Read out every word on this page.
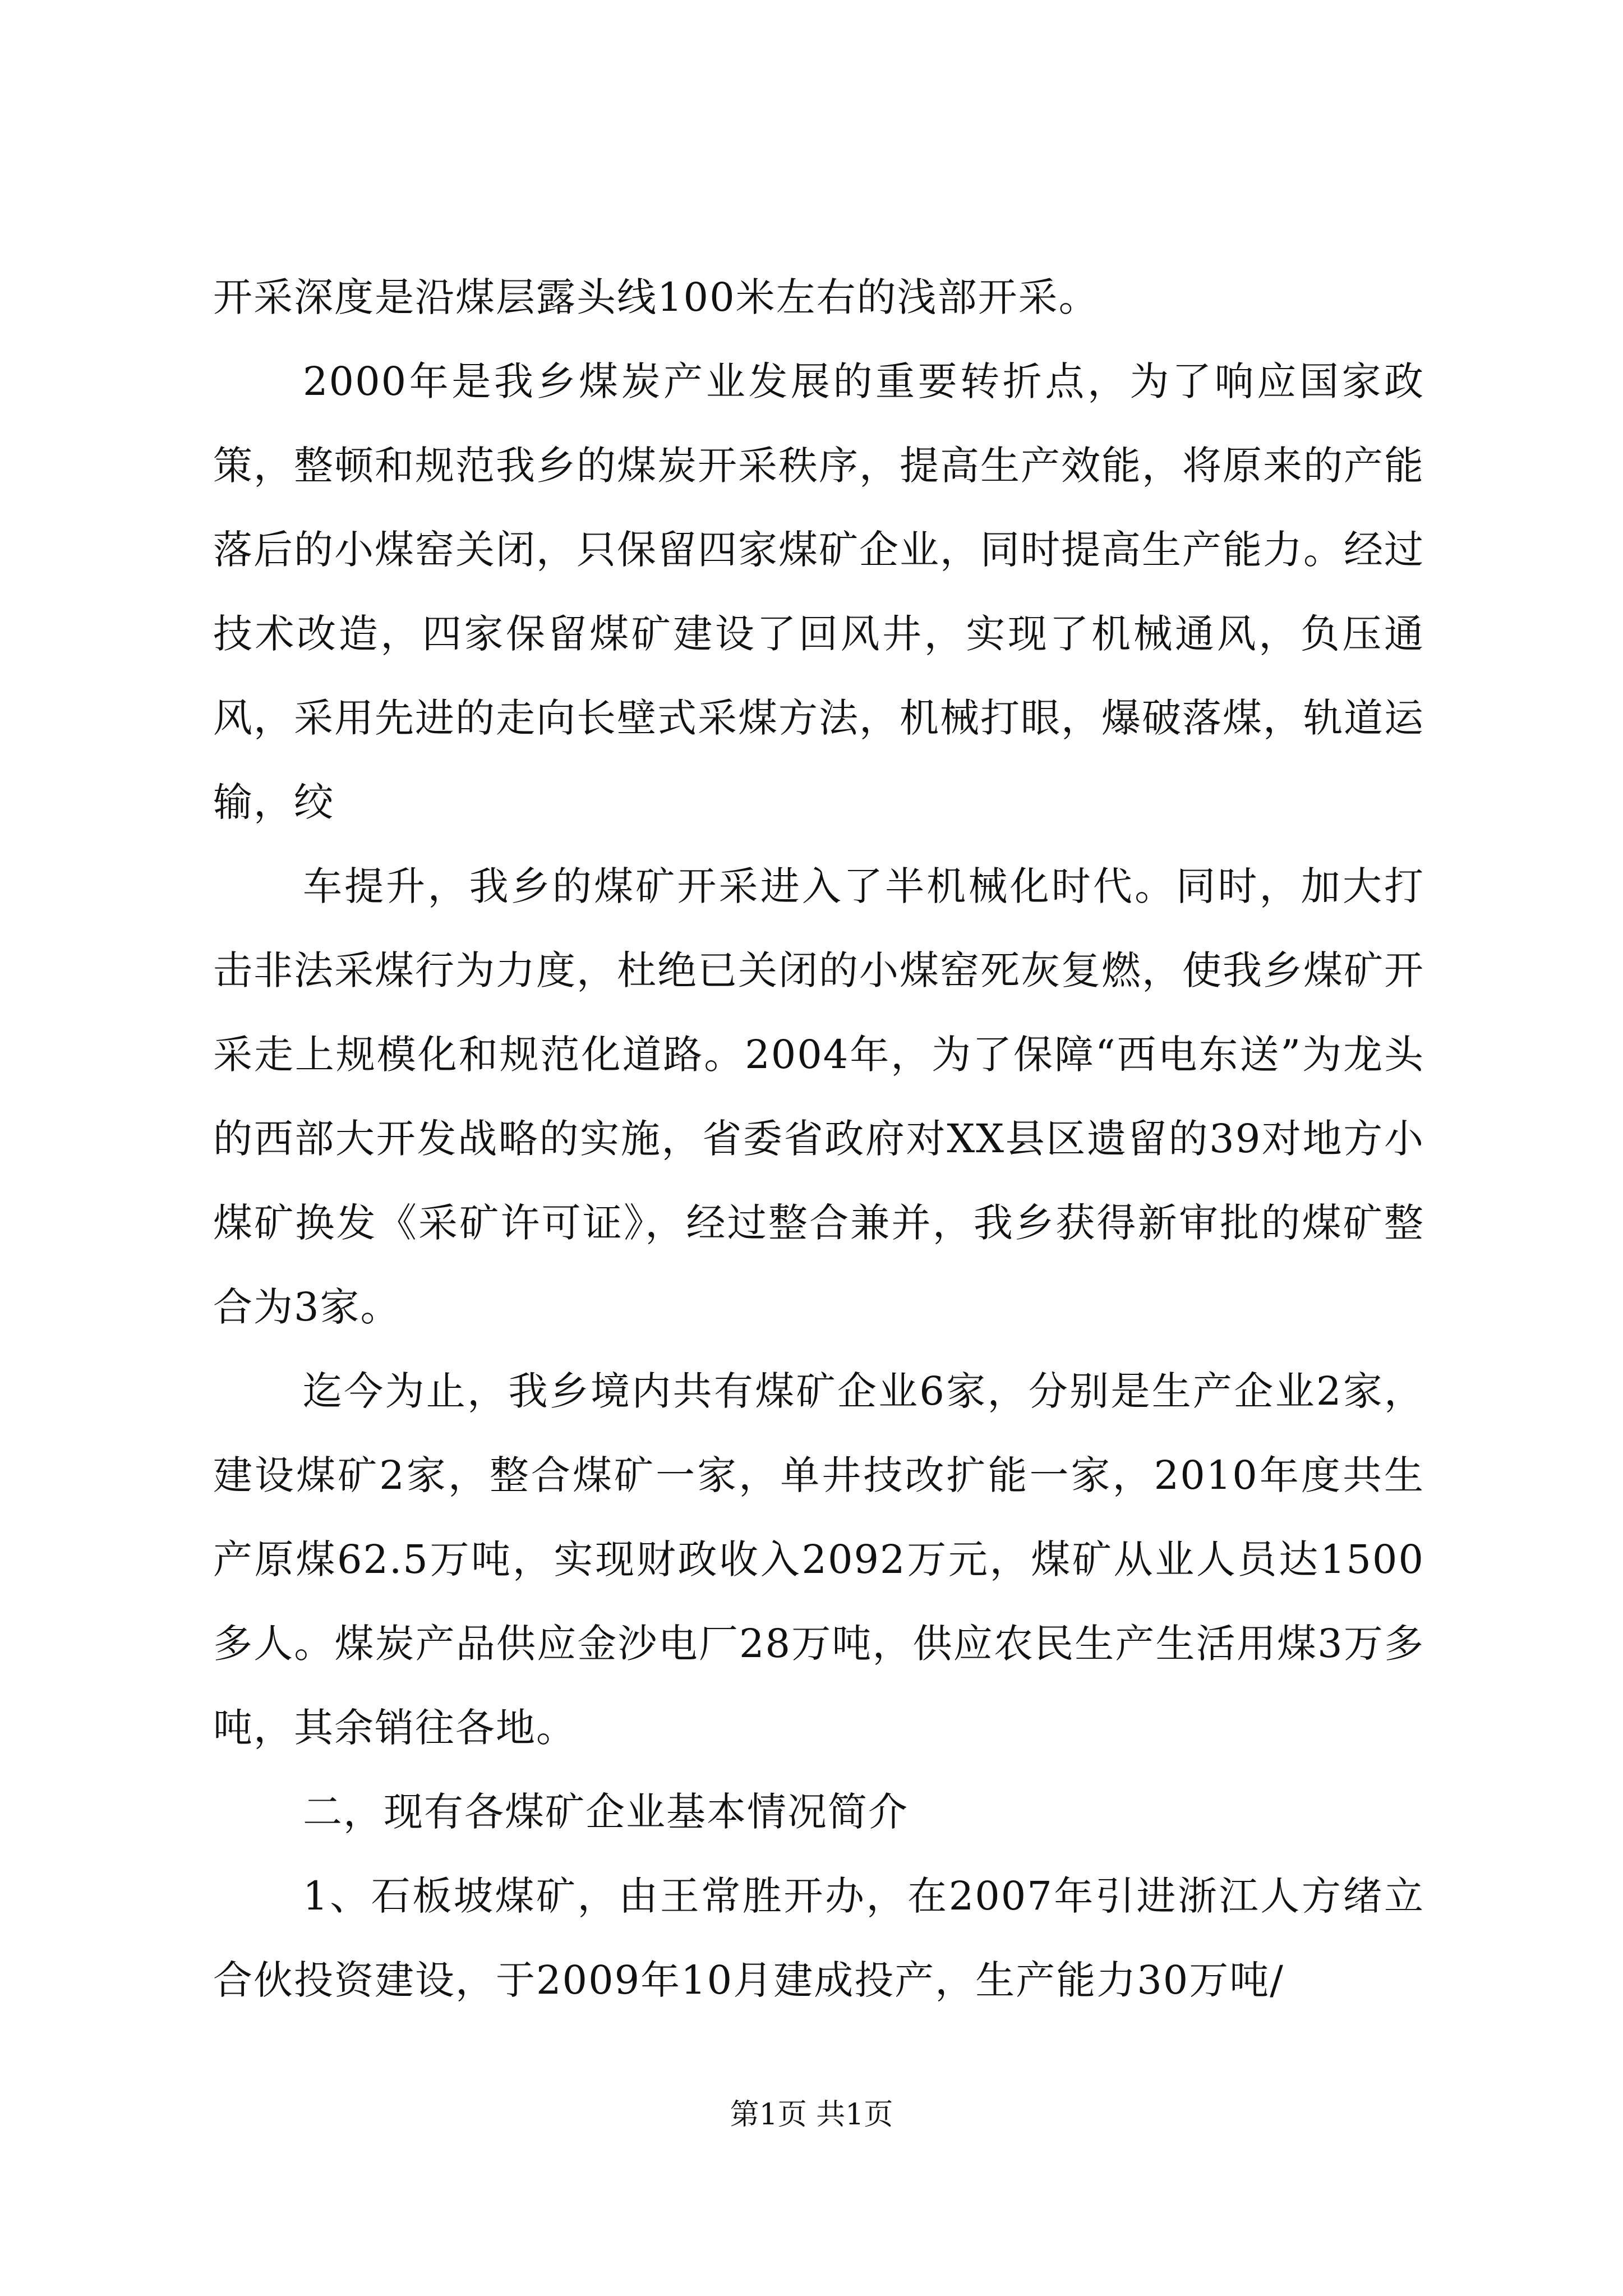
开采深度是沿煤层露头线100米左右的浅部开采。

2000年是我乡煤炭产业发展的重要转折点，为了响应国家政策，整顿和规范我乡的煤炭开采秩序，提高生产效能，将原来的产能落后的小煤窑关闭，只保留四家煤矿企业，同时提高生产能力。经过技术改造，四家保留煤矿建设了回风井，实现了机械通风，负压通风，采用先进的走向长壁式采煤方法，机械打眼，爆破落煤，轨道运输，绞

车提升，我乡的煤矿开采进入了半机械化时代。同时，加大打击非法采煤行为力度，杜绝已关闭的小煤窑死灰复燃，使我乡煤矿开采走上规模化和规范化道路。2004年，为了保障“西电东送”为龙头的西部大开发战略的实施，省委省政府对XX县区遗留的39对地方小煤矿换发《采矿许可证》，经过整合兼并，我乡获得新审批的煤矿整合为3家。

迄今为止，我乡境内共有煤矿企业6家，分别是生产企业2家，建设煤矿2家，整合煤矿一家，单井技改扩能一家，2010年度共生产原煤62.5万吨，实现财政收入2092万元，煤矿从业人员达1500多人。煤炭产品供应金沙电厂28万吨，供应农民生产生活用煤3万多吨，其余销往各地。

二，现有各煤矿企业基本情况简介

1、石板坡煤矿，由王常胜开办，在2007年引进浙江人方绪立合伙投资建设，于2009年10月建成投产，生产能力30万吨/

第1页 共1页
